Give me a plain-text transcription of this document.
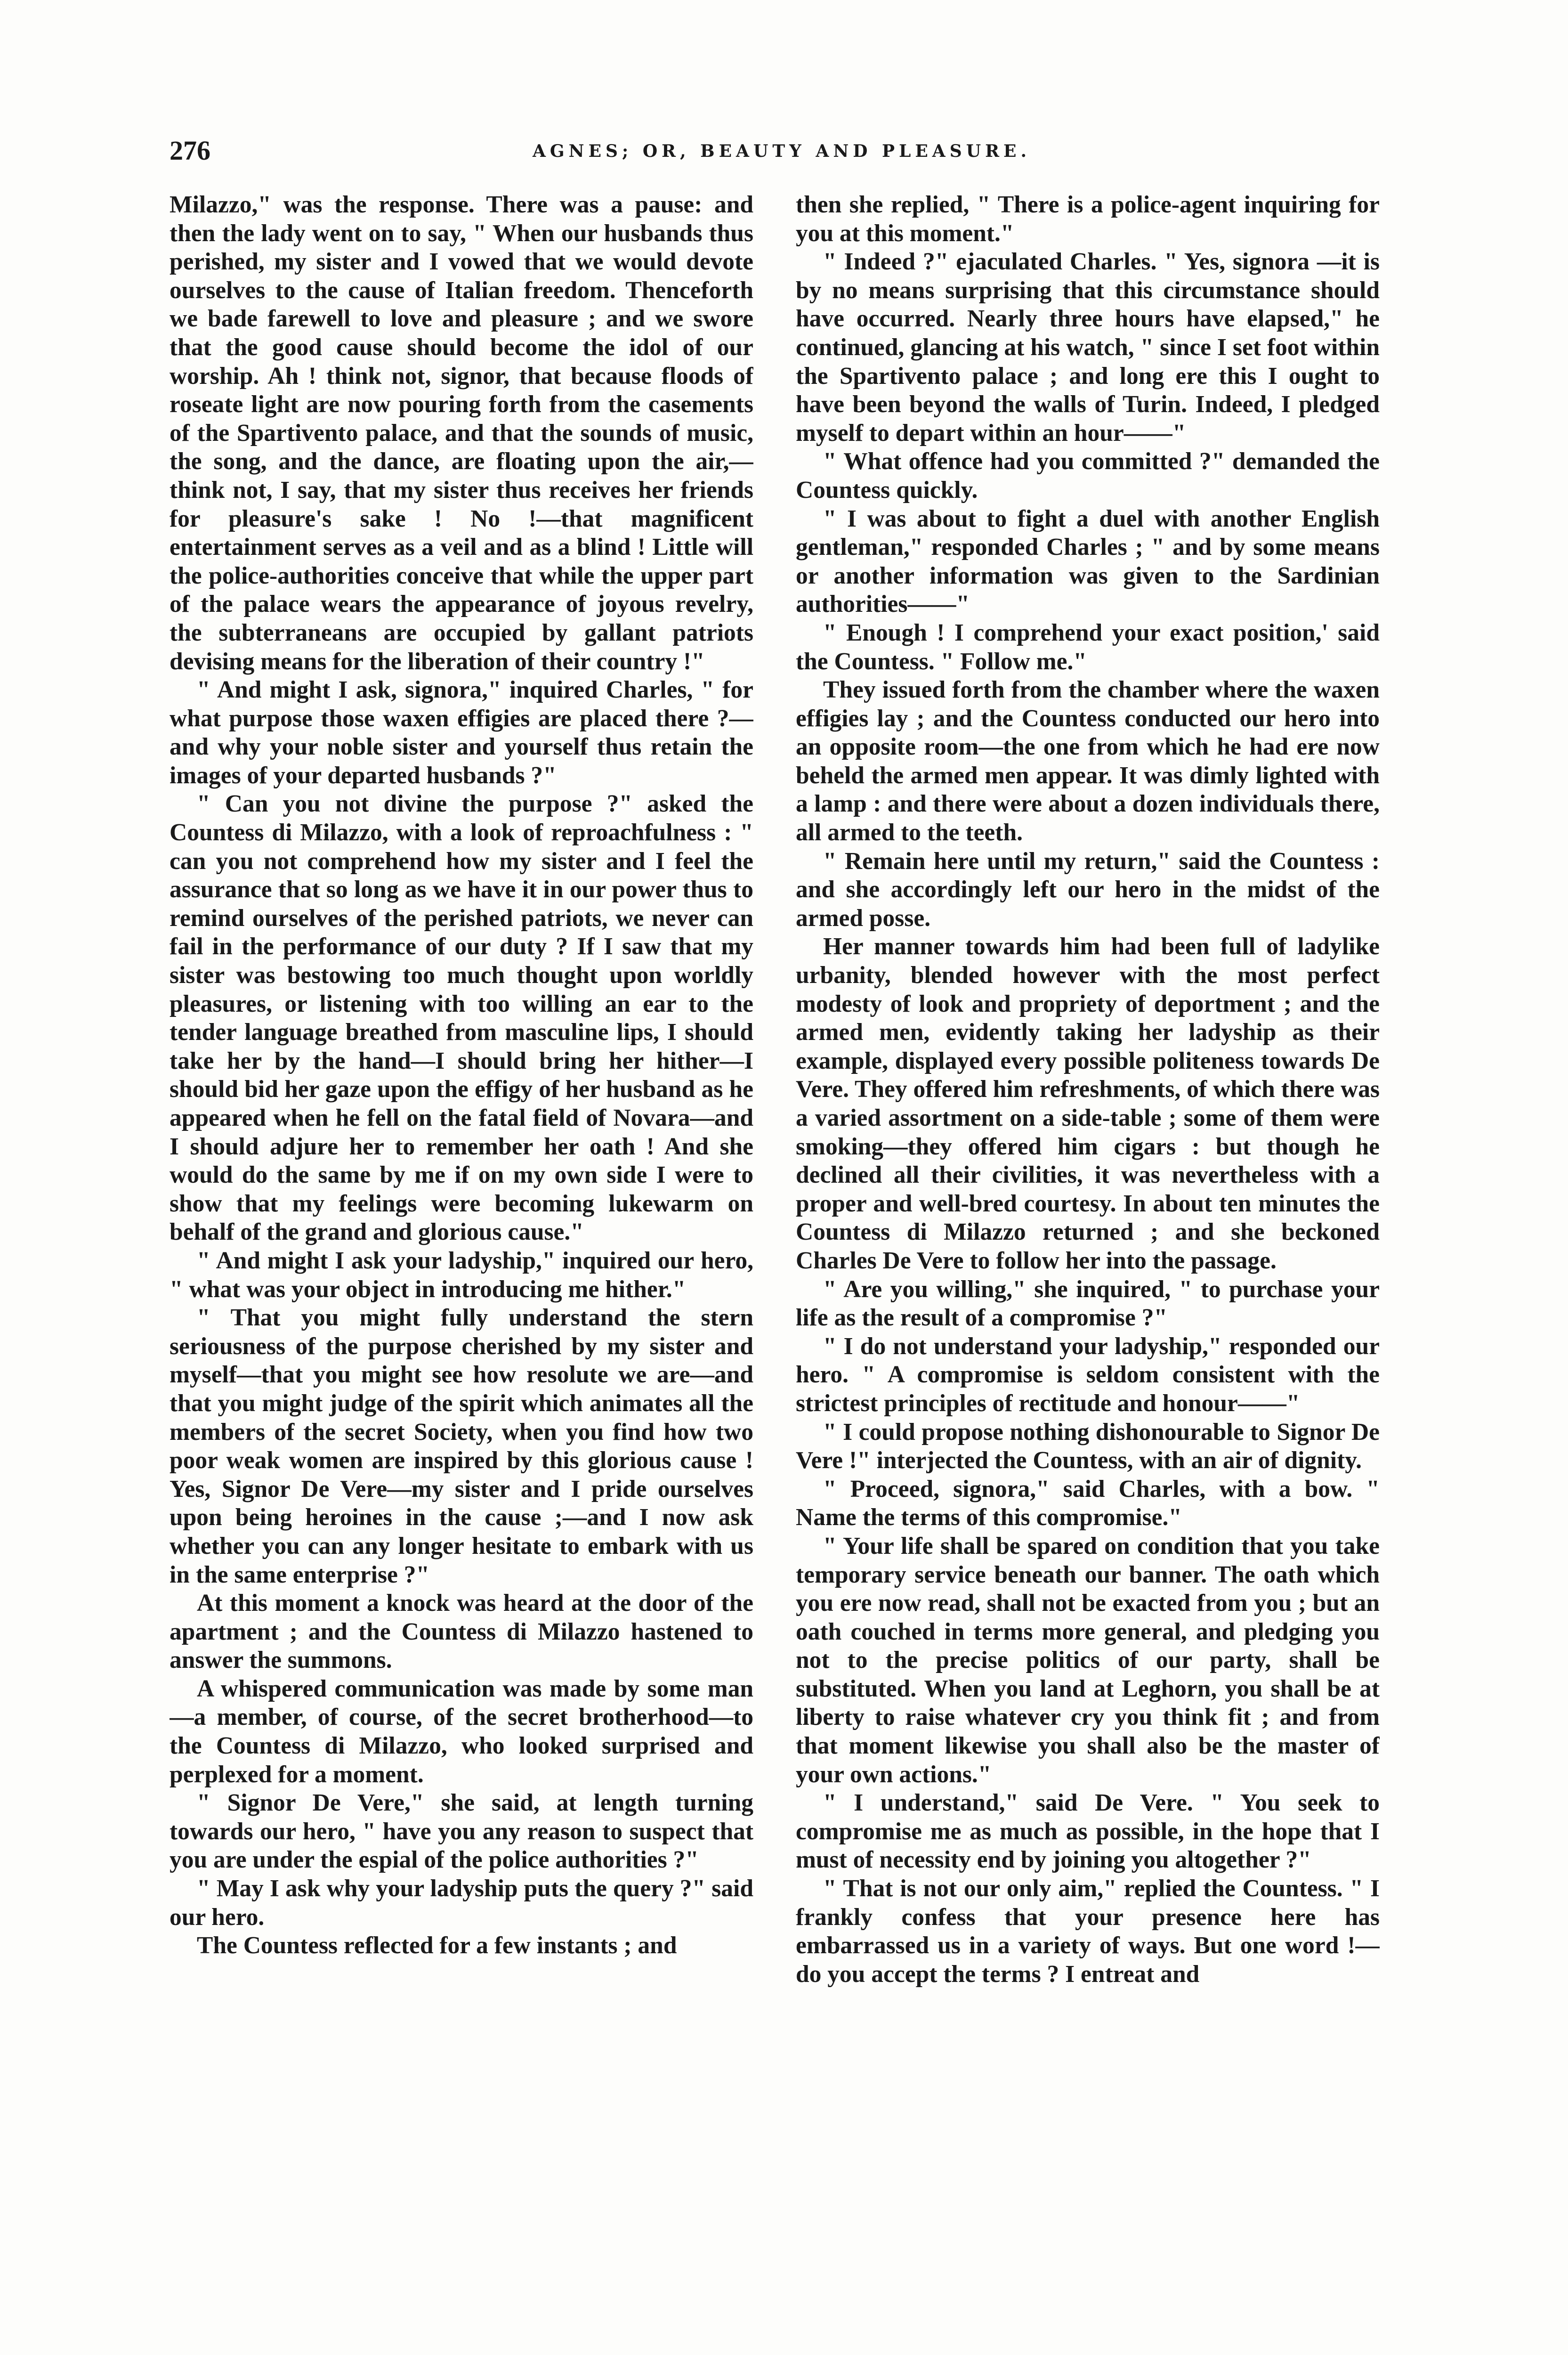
276	AGNES; OR, BEAUTY AND PLEASURE.

Milazzo," was the response. There was a pause: and then the lady went on to say, " When our husbands thus perished, my sister and I vowed that we would devote ourselves to the cause of Italian freedom. Thenceforth we bade farewell to love and pleasure ; and we swore that the good cause should become the idol of our worship. Ah ! think not, signor, that because floods of roseate light are now pouring forth from the casements of the Spartivento palace, and that the sounds of music, the song, and the dance, are floating upon the air,—think not, I say, that my sister thus receives her friends for pleasure's sake ! No !—that magnificent entertainment serves as a veil and as a blind ! Little will the police-authorities conceive that while the upper part of the palace wears the appearance of joyous revelry, the subterraneans are occupied by gallant patriots devising means for the liberation of their country !"

" And might I ask, signora," inquired Charles, " for what purpose those waxen effigies are placed there ?—and why your noble sister and yourself thus retain the images of your departed husbands ?"

" Can you not divine the purpose ?" asked the Countess di Milazzo, with a look of reproachfulness : " can you not comprehend how my sister and I feel the assurance that so long as we have it in our power thus to remind ourselves of the perished patriots, we never can fail in the performance of our duty ? If I saw that my sister was bestowing too much thought upon worldly pleasures, or listening with too willing an ear to the tender language breathed from masculine lips, I should take her by the hand—I should bring her hither—I should bid her gaze upon the effigy of her husband as he appeared when he fell on the fatal field of Novara—and I should adjure her to remember her oath ! And she would do the same by me if on my own side I were to show that my feelings were becoming lukewarm on behalf of the grand and glorious cause."

" And might I ask your ladyship," inquired our hero, " what was your object in introducing me hither."

" That you might fully understand the stern seriousness of the purpose cherished by my sister and myself—that you might see how resolute we are—and that you might judge of the spirit which animates all the members of the secret Society, when you find how two poor weak women are inspired by this glorious cause ! Yes, Signor De Vere—my sister and I pride ourselves upon being heroines in the cause ;—and I now ask whether you can any longer hesitate to embark with us in the same enterprise ?"

At this moment a knock was heard at the door of the apartment ; and the Countess di Milazzo hastened to answer the summons.

A whispered communication was made by some man—a member, of course, of the secret brotherhood—to the Countess di Milazzo, who looked surprised and perplexed for a moment.

" Signor De Vere," she said, at length turning towards our hero, " have you any reason to suspect that you are under the espial of the police authorities ?"

" May I ask why your ladyship puts the query ?" said our hero.

The Countess reflected for a few instants ; and

then she replied, " There is a police-agent inquiring for you at this moment."

" Indeed ?" ejaculated Charles. " Yes, signora —it is by no means surprising that this circumstance should have occurred. Nearly three hours have elapsed," he continued, glancing at his watch, " since I set foot within the Spartivento palace ; and long ere this I ought to have been beyond the walls of Turin. Indeed, I pledged myself to depart within an hour——"

" What offence had you committed ?" demanded the Countess quickly.

" I was about to fight a duel with another English gentleman," responded Charles ; " and by some means or another information was given to the Sardinian authorities——"

" Enough ! I comprehend your exact position,' said the Countess. " Follow me."

They issued forth from the chamber where the waxen effigies lay ; and the Countess conducted our hero into an opposite room—the one from which he had ere now beheld the armed men appear. It was dimly lighted with a lamp : and there were about a dozen individuals there, all armed to the teeth.

" Remain here until my return," said the Countess : and she accordingly left our hero in the midst of the armed posse.

Her manner towards him had been full of ladylike urbanity, blended however with the most perfect modesty of look and propriety of deportment ; and the armed men, evidently taking her ladyship as their example, displayed every possible politeness towards De Vere. They offered him refreshments, of which there was a varied assortment on a side-table ; some of them were smoking—they offered him cigars : but though he declined all their civilities, it was nevertheless with a proper and well-bred courtesy. In about ten minutes the Countess di Milazzo returned ; and she beckoned Charles De Vere to follow her into the passage.

" Are you willing," she inquired, " to purchase your life as the result of a compromise ?"

" I do not understand your ladyship," responded our hero. " A compromise is seldom consistent with the strictest principles of rectitude and honour——"

" I could propose nothing dishonourable to Signor De Vere !" interjected the Countess, with an air of dignity.

" Proceed, signora," said Charles, with a bow. " Name the terms of this compromise."

" Your life shall be spared on condition that you take temporary service beneath our banner. The oath which you ere now read, shall not be exacted from you ; but an oath couched in terms more general, and pledging you not to the precise politics of our party, shall be substituted. When you land at Leghorn, you shall be at liberty to raise whatever cry you think fit ; and from that moment likewise you shall also be the master of your own actions."

" I understand," said De Vere. " You seek to compromise me as much as possible, in the hope that I must of necessity end by joining you altogether ?"

" That is not our only aim," replied the Countess. " I frankly confess that your presence here has embarrassed us in a variety of ways. But one word !—do you accept the terms ? I entreat and
